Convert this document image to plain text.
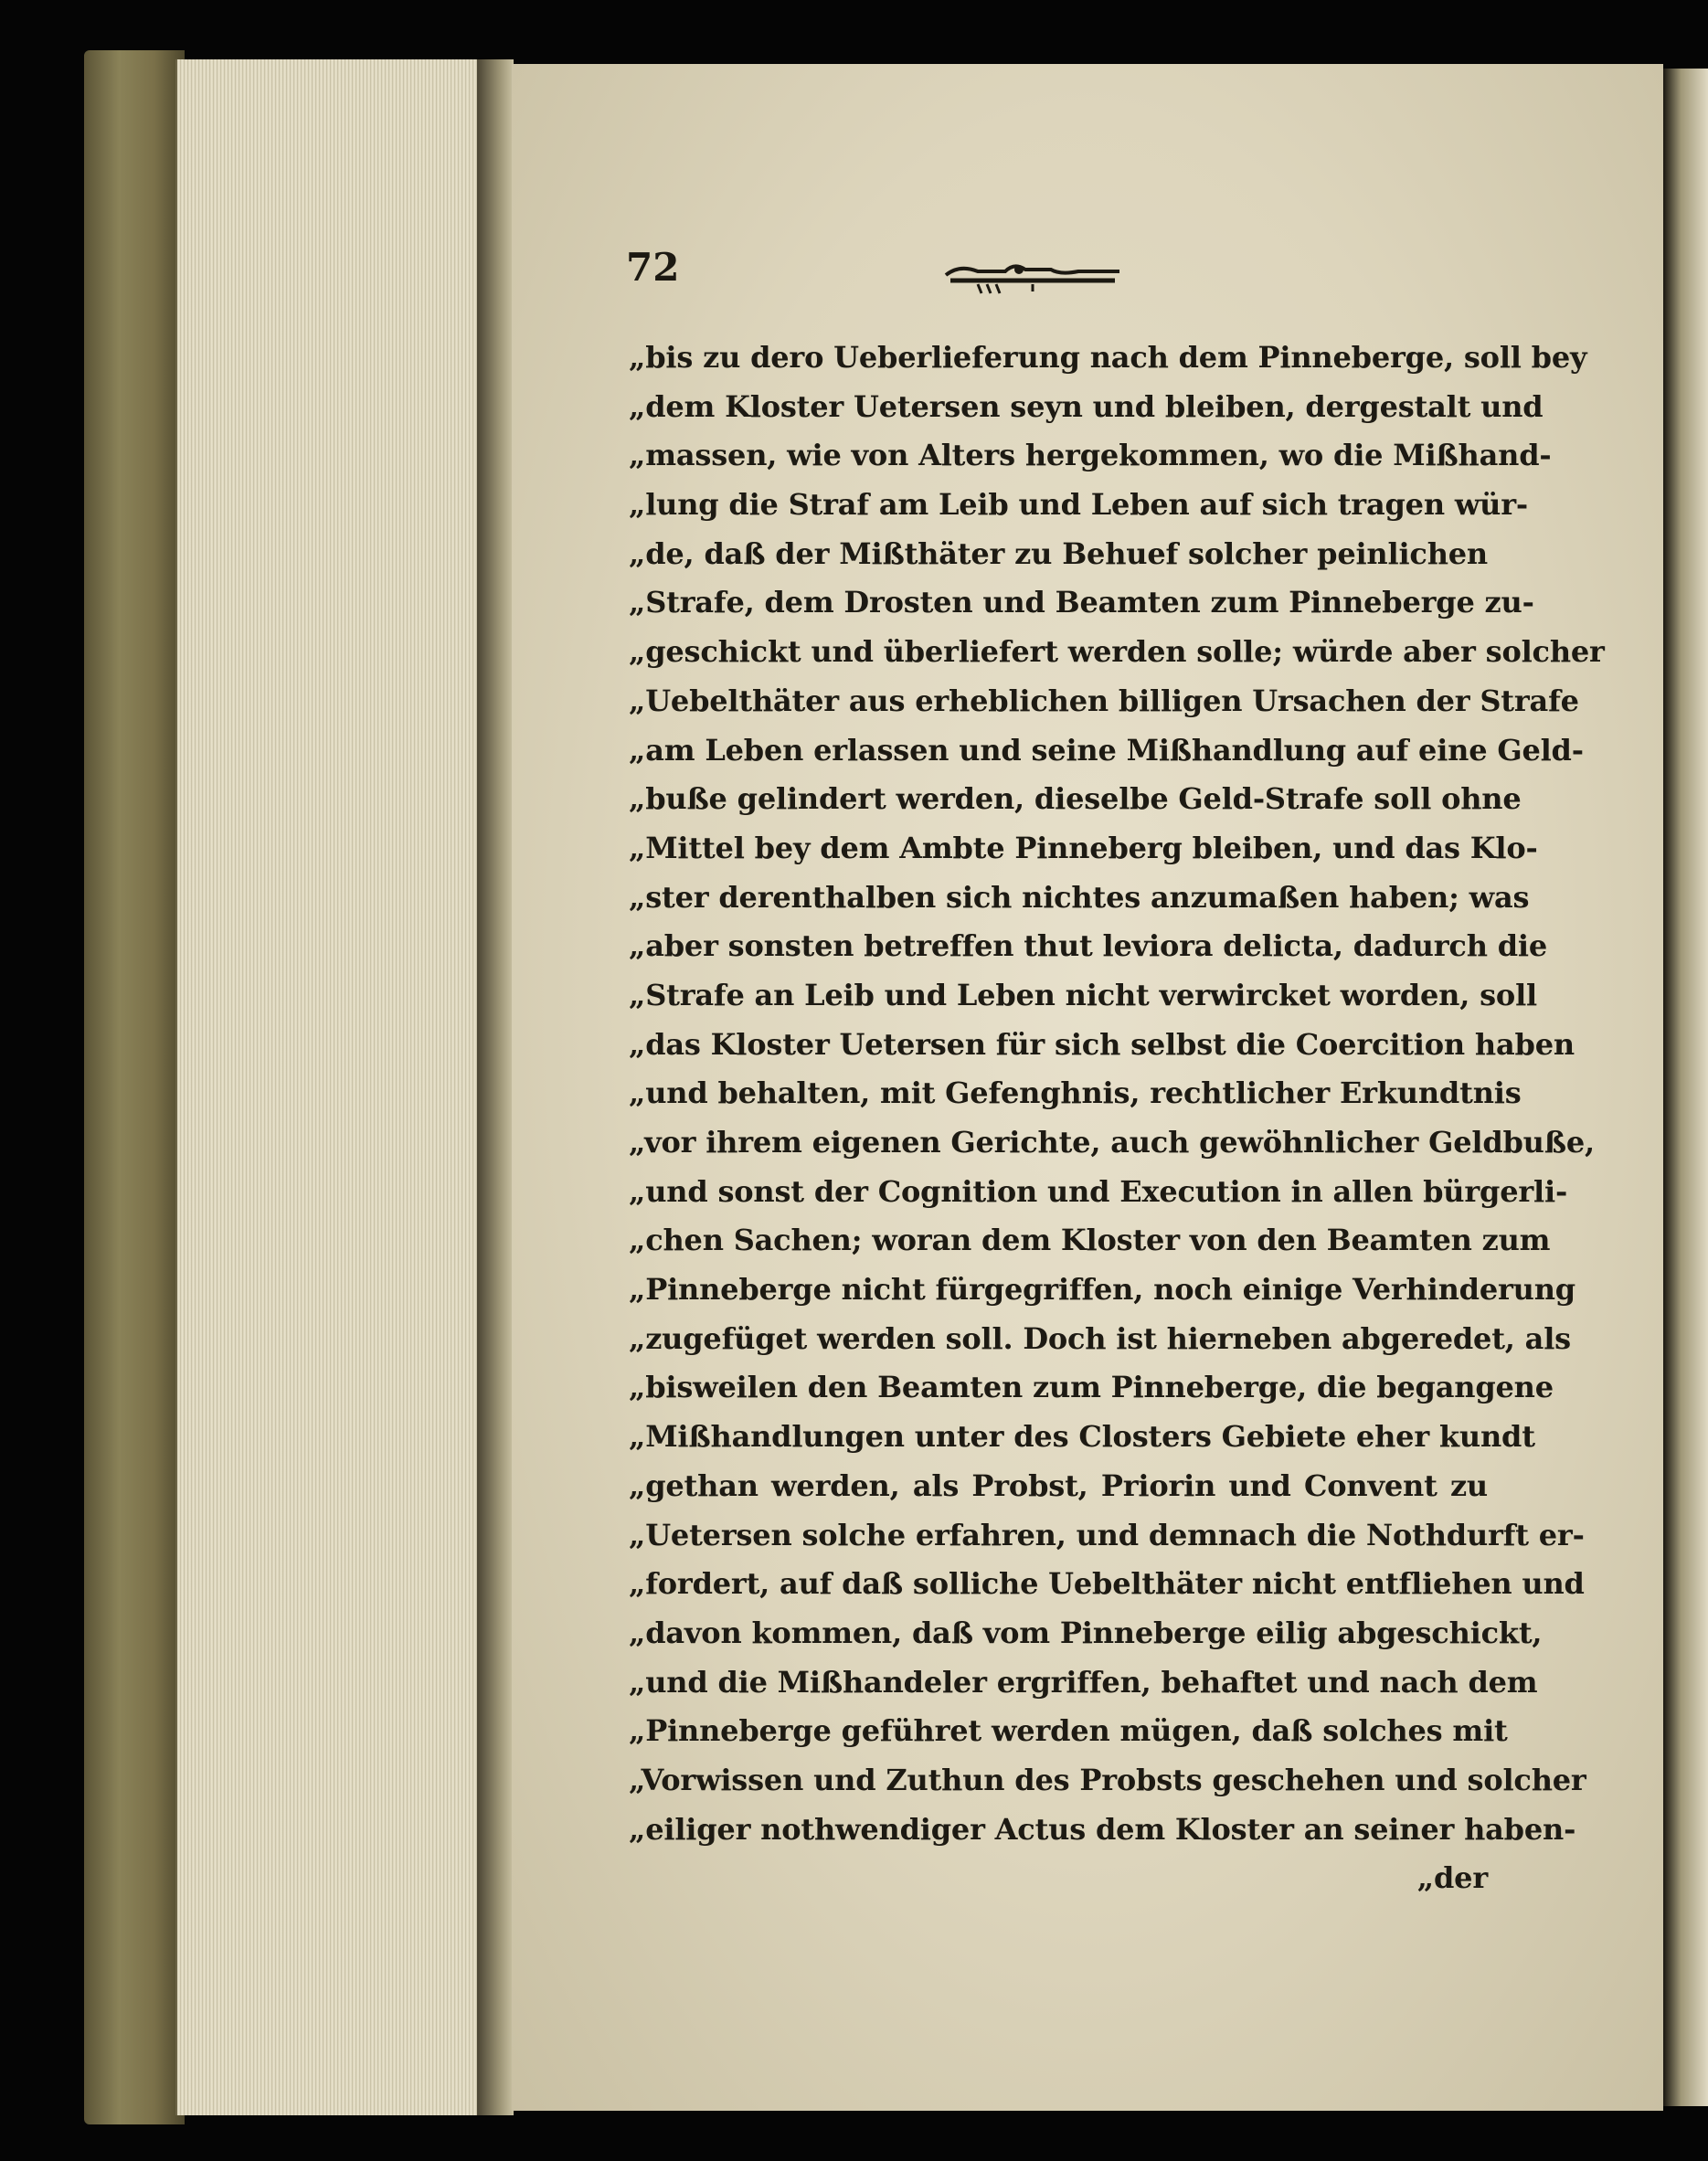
72
„bis zu dero Ueberlieferung nach dem Pinneberge, soll bey
„dem Kloster Uetersen seyn und bleiben, dergestalt und
„massen, wie von Alters hergekommen, wo die Mißhand-
„lung die Straf am Leib und Leben auf sich tragen wür-
„de, daß der Mißthäter zu Behuef solcher peinlichen
„Strafe, dem Drosten und Beamten zum Pinneberge zu-
„geschickt und überliefert werden solle; würde aber solcher
„Uebelthäter aus erheblichen billigen Ursachen der Strafe
„am Leben erlassen und seine Mißhandlung auf eine Geld-
„buße gelindert werden, dieselbe Geld-Strafe soll ohne
„Mittel bey dem Ambte Pinneberg bleiben, und das Klo-
„ster derenthalben sich nichtes anzumaßen haben; was
„aber sonsten betreffen thut leviora delicta, dadurch die
„Strafe an Leib und Leben nicht verwircket worden, soll
„das Kloster Uetersen für sich selbst die Coercition haben
„und behalten, mit Gefenghnis, rechtlicher Erkundtnis
„vor ihrem eigenen Gerichte, auch gewöhnlicher Geldbuße,
„und sonst der Cognition und Execution in allen bürgerli-
„chen Sachen; woran dem Kloster von den Beamten zum
„Pinneberge nicht fürgegriffen, noch einige Verhinderung
„zugefüget werden soll. Doch ist hierneben abgeredet, als
„bisweilen den Beamten zum Pinneberge, die begangene
„Mißhandlungen unter des Closters Gebiete eher kundt
„gethan werden, als Probst, Priorin und Convent zu
„Uetersen solche erfahren, und demnach die Nothdurft er-
„fordert, auf daß solliche Uebelthäter nicht entfliehen und
„davon kommen, daß vom Pinneberge eilig abgeschickt,
„und die Mißhandeler ergriffen, behaftet und nach dem
„Pinneberge geführet werden mügen, daß solches mit
„Vorwissen und Zuthun des Probsts geschehen und solcher
„eiliger nothwendiger Actus dem Kloster an seiner haben-
„der
